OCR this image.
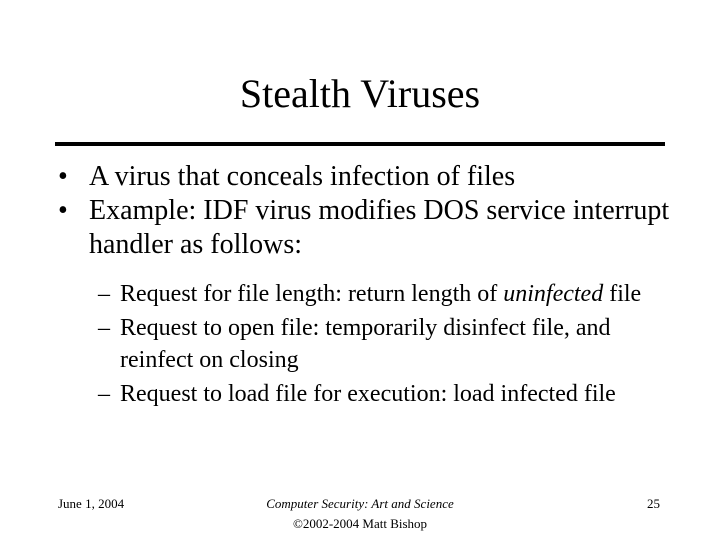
Stealth Viruses
• A virus that conceals infection of files
• Example: IDF virus modifies DOS service interrupt handler as follows:
– Request for file length: return length of uninfected file
– Request to open file: temporarily disinfect file, and reinfect on closing
– Request to load file for execution: load infected file
June 1, 2004	Computer Security: Art and Science
©2002-2004 Matt Bishop
25
